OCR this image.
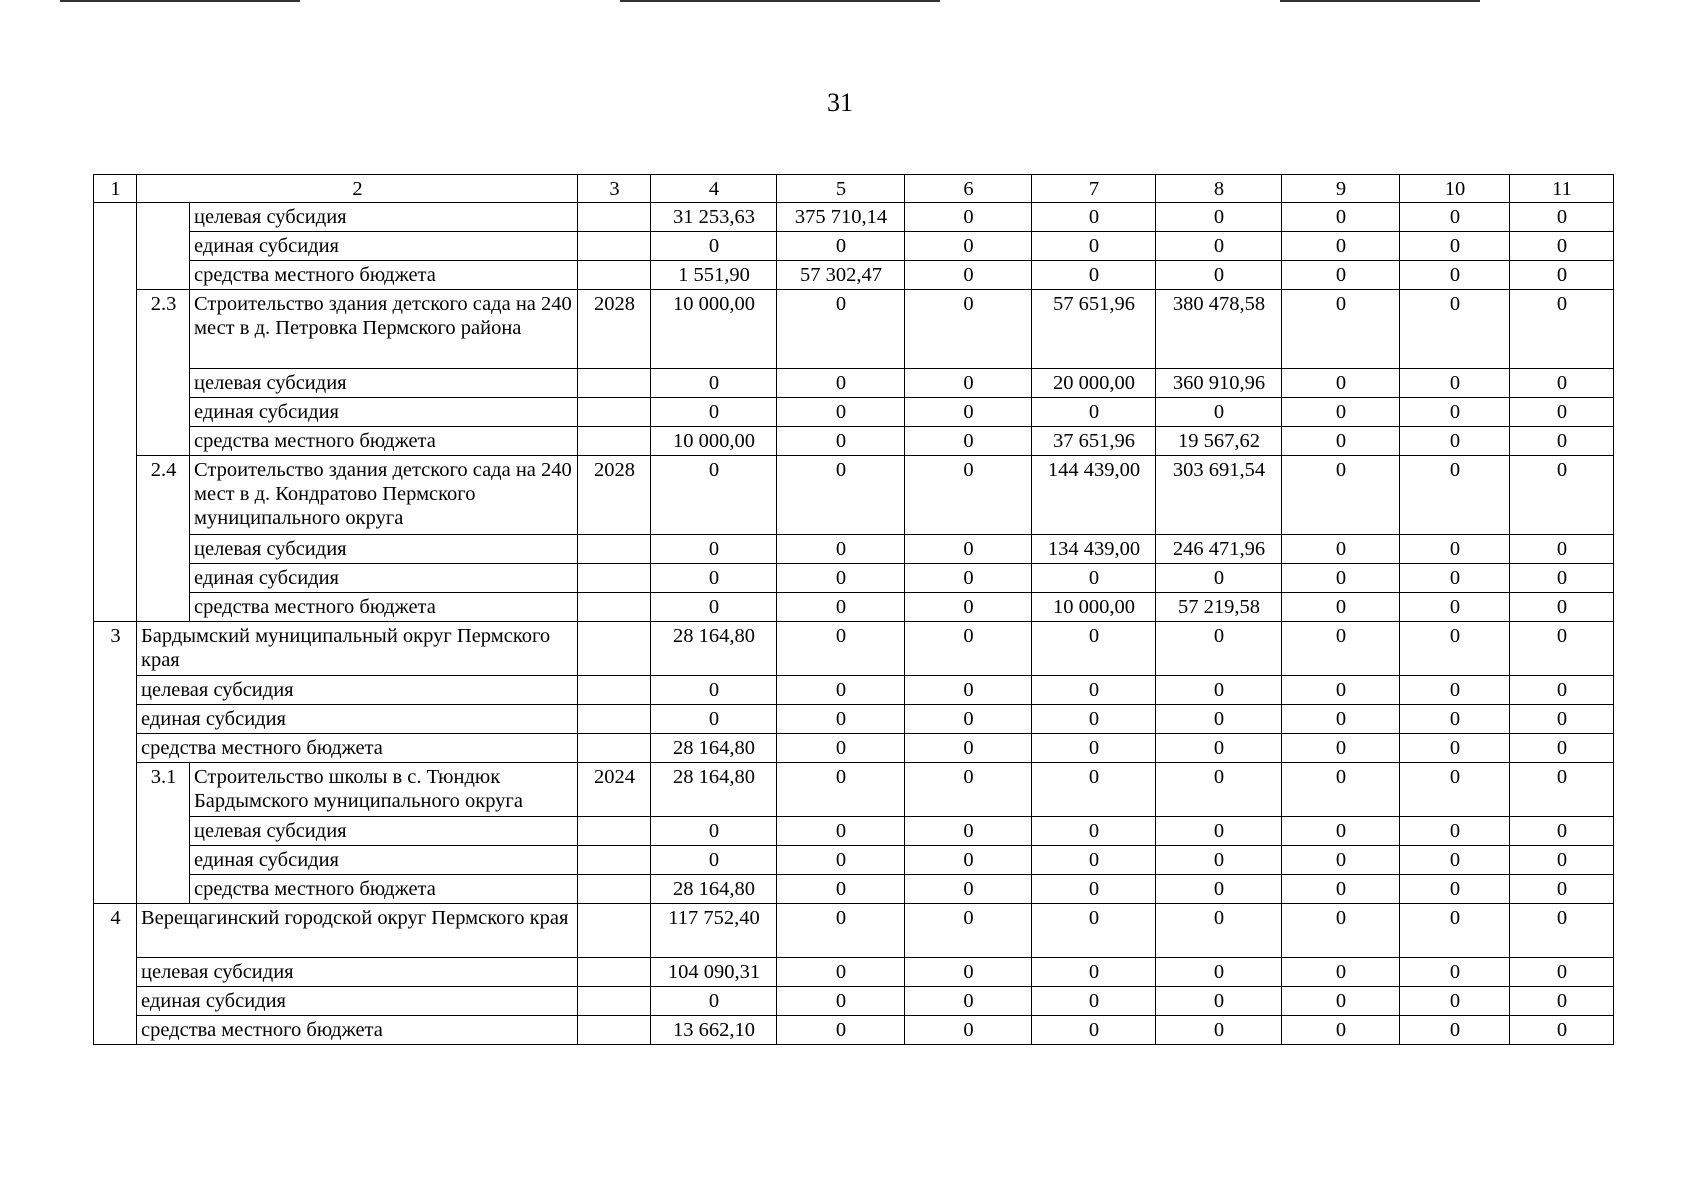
31
1	2		3	4	5	6	7	8	9	10	11
		целевая субсидия		31 253,63	375 710,14	0	0	0	0	0	0
		единая субсидия		0	0	0	0	0	0	0	0
		средства местного бюджета		1 551,90	57 302,47	0	0	0	0	0	0
	2.3	Строительство здания детского сада на 240 мест в д. Петровка Пермского района	2028	10 000,00	0	0	57 651,96	380 478,58	0	0	0
		целевая субсидия		0	0	0	20 000,00	360 910,96	0	0	0
		единая субсидия		0	0	0	0	0	0	0	0
		средства местного бюджета		10 000,00	0	0	37 651,96	19 567,62	0	0	0
	2.4	Строительство здания детского сада на 240 мест в д. Кондратово Пермского муниципального округа	2028	0	0	0	144 439,00	303 691,54	0	0	0
		целевая субсидия		0	0	0	134 439,00	246 471,96	0	0	0
		единая субсидия		0	0	0	0	0	0	0	0
		средства местного бюджета		0	0	0	10 000,00	57 219,58	0	0	0
3	Бардымский муниципальный округ Пермского края			28 164,80	0	0	0	0	0	0	0
	целевая субсидия			0	0	0	0	0	0	0	0
	единая субсидия			0	0	0	0	0	0	0	0
	средства местного бюджета			28 164,80	0	0	0	0	0	0	0
	3.1	Строительство школы в с. Тюндюк Бардымского муниципального округа	2024	28 164,80	0	0	0	0	0	0	0
		целевая субсидия		0	0	0	0	0	0	0	0
		единая субсидия		0	0	0	0	0	0	0	0
		средства местного бюджета		28 164,80	0	0	0	0	0	0	0
4	Верещагинский городской округ Пермского края			117 752,40	0	0	0	0	0	0	0
	целевая субсидия			104 090,31	0	0	0	0	0	0	0
	единая субсидия			0	0	0	0	0	0	0	0
	средства местного бюджета			13 662,10	0	0	0	0	0	0	0
